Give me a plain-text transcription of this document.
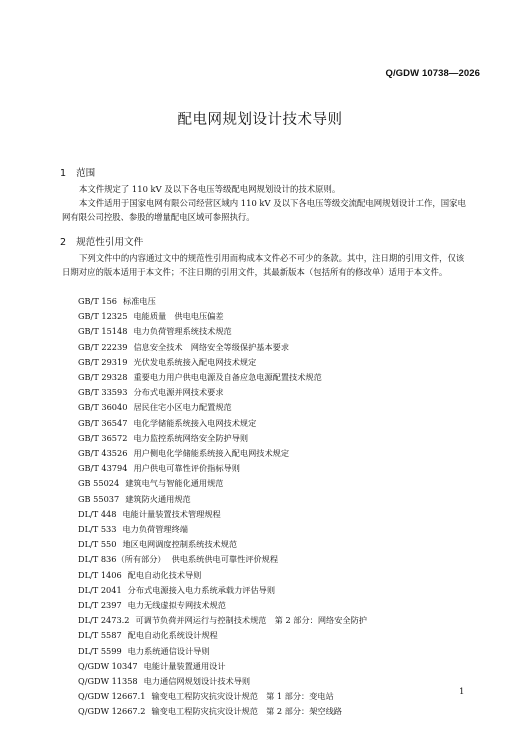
Q/GDW 10738—2026
配电网规划设计技术导则
1 范围

本文件规定了 110 kV 及以下各电压等级配电网规划设计的技术原则。

本文件适用于国家电网有限公司经营区域内 110 kV 及以下各电压等级交流配电网规划设计工作，国家电网有限公司控股、参股的增量配电区域可参照执行。

2 规范性引用文件

下列文件中的内容通过文中的规范性引用而构成本文件必不可少的条款。其中，注日期的引用文件，仅该日期对应的版本适用于本文件；不注日期的引用文件，其最新版本（包括所有的修改单）适用于本文件。

GB/T 156 标准电压
GB/T 12325 电能质量　供电电压偏差
GB/T 15148 电力负荷管理系统技术规范
GB/T 22239 信息安全技术　网络安全等级保护基本要求
GB/T 29319 光伏发电系统接入配电网技术规定
GB/T 29328 重要电力用户供电电源及自备应急电源配置技术规范
GB/T 33593 分布式电源并网技术要求
GB/T 36040 居民住宅小区电力配置规范
GB/T 36547 电化学储能系统接入电网技术规定
GB/T 36572 电力监控系统网络安全防护导则
GB/T 43526 用户侧电化学储能系统接入配电网技术规定
GB/T 43794 用户供电可靠性评价指标导则
GB 55024 建筑电气与智能化通用规范
GB 55037 建筑防火通用规范
DL/T 448 电能计量装置技术管理规程
DL/T 533 电力负荷管理终端
DL/T 550 地区电网调度控制系统技术规范
DL/T 836（所有部分） 供电系统供电可靠性评价规程
DL/T 1406 配电自动化技术导则
DL/T 2041 分布式电源接入电力系统承载力评估导则
DL/T 2397 电力无线虚拟专网技术规范
DL/T 2473.2 可调节负荷并网运行与控制技术规范　第 2 部分：网络安全防护
DL/T 5587 配电自动化系统设计规程
DL/T 5599 电力系统通信设计导则
Q/GDW 10347 电能计量装置通用设计
Q/GDW 11358 电力通信网规划设计技术导则
Q/GDW 12667.1 输变电工程防灾抗灾设计规范　第 1 部分：变电站
Q/GDW 12667.2 输变电工程防灾抗灾设计规范　第 2 部分：架空线路
1
